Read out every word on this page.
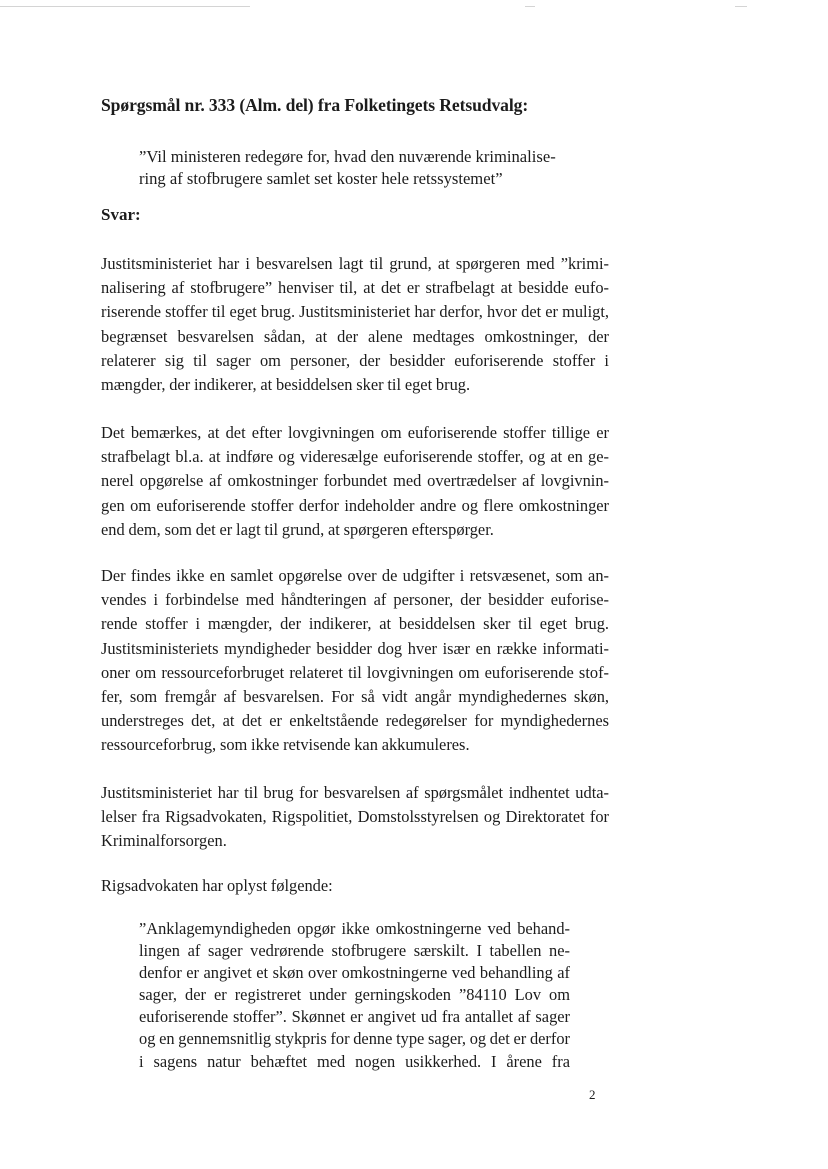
Spørgsmål nr. 333 (Alm. del) fra Folketingets Retsudvalg:
”Vil ministeren redegøre for, hvad den nuværende kriminalise-
ring af stofbrugere samlet set koster hele retssystemet”
Svar:

Justitsministeriet har i besvarelsen lagt til grund, at spørgeren med ”kriminalisering af stofbrugere” henviser til, at det er strafbelagt at besidde euforiserende stoffer til eget brug. Justitsministeriet har derfor, hvor det er muligt, begrænset besvarelsen sådan, at der alene medtages omkostninger, der relaterer sig til sager om personer, der besidder euforiserende stoffer i mængder, der indikerer, at besiddelsen sker til eget brug.

Det bemærkes, at det efter lovgivningen om euforiserende stoffer tillige er strafbelagt bl.a. at indføre og videresælge euforiserende stoffer, og at en generel opgørelse af omkostninger forbundet med overtrædelser af lovgivningen om euforiserende stoffer derfor indeholder andre og flere omkostninger end dem, som det er lagt til grund, at spørgeren efterspørger.

Der findes ikke en samlet opgørelse over de udgifter i retsvæsenet, som anvendes i forbindelse med håndteringen af personer, der besidder euforiserende stoffer i mængder, der indikerer, at besiddelsen sker til eget brug. Justitsministeriets myndigheder besidder dog hver især en række informationer om ressourceforbruget relateret til lovgivningen om euforiserende stoffer, som fremgår af besvarelsen. For så vidt angår myndighedernes skøn, understreges det, at det er enkeltstående redegørelser for myndighedernes ressourceforbrug, som ikke retvisende kan akkumuleres.

Justitsministeriet har til brug for besvarelsen af spørgsmålet indhentet udtalelser fra Rigsadvokaten, Rigspolitiet, Domstolsstyrelsen og Direktoratet for Kriminalforsorgen.

Rigsadvokaten har oplyst følgende:

”Anklagemyndigheden opgør ikke omkostningerne ved behandlingen af sager vedrørende stofbrugere særskilt. I tabellen nedenfor er angivet et skøn over omkostningerne ved behandling af sager, der er registreret under gerningskoden ”84110 Lov om euforiserende stoffer”. Skønnet er angivet ud fra antallet af sager og en gennemsnitlig stykpris for denne type sager, og det er derfor i sagens natur behæftet med nogen usikkerhed. I årene fra

2
